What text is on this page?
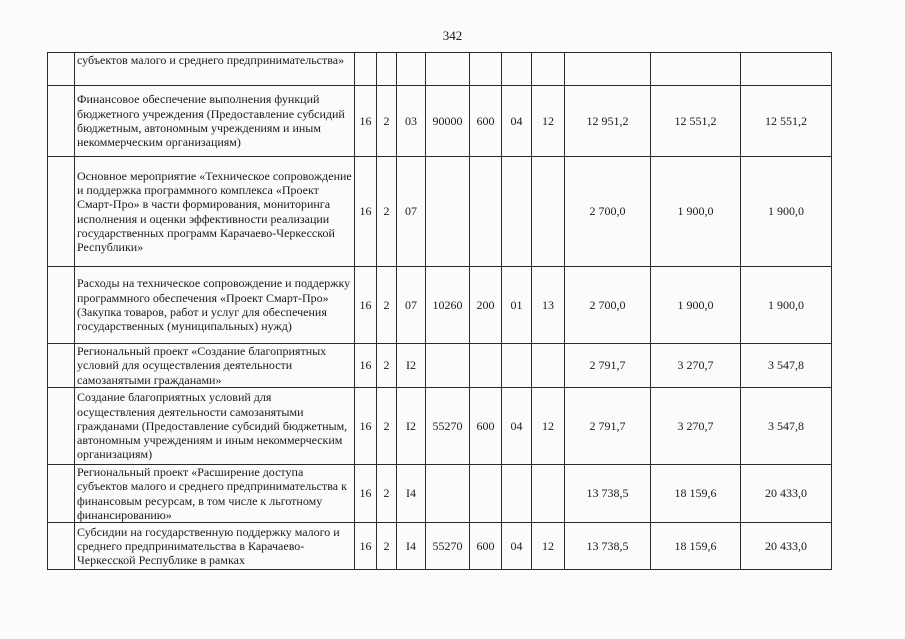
342
	субъектов малого и среднего предпринимательства»										
	Финансовое обеспечение выполнения функций бюджетного учреждения (Предоставление субсидий бюджетным, автономным учреждениям и иным некоммерческим организациям)	16	2	03	90000	600	04	12	12 951,2	12 551,2	12 551,2
	Основное мероприятие «Техническое сопровождение и поддержка программного комплекса «Проект Смарт-Про» в части формирования, мониторинга исполнения и оценки эффективности реализации государственных программ Карачаево-Черкесской Республики»	16	2	07					2 700,0	1 900,0	1 900,0
	Расходы на техническое сопровождение и поддержку программного обеспечения «Проект Смарт-Про» (Закупка товаров, работ и услуг для обеспечения государственных (муниципальных) нужд)	16	2	07	10260	200	01	13	2 700,0	1 900,0	1 900,0
	Региональный проект «Создание благоприятных условий для осуществления деятельности самозанятыми гражданами»	16	2	I2					2 791,7	3 270,7	3 547,8
	Создание благоприятных условий для осуществления деятельности самозанятыми гражданами (Предоставление субсидий бюджетным, автономным учреждениям и иным некоммерческим организациям)	16	2	I2	55270	600	04	12	2 791,7	3 270,7	3 547,8
	Региональный проект «Расширение доступа субъектов малого и среднего предпринимательства к финансовым ресурсам, в том числе к льготному финансированию»	16	2	I4					13 738,5	18 159,6	20 433,0
	Субсидии на государственную поддержку малого и среднего предпринимательства в Карачаево-Черкесской Республике в рамках	16	2	I4	55270	600	04	12	13 738,5	18 159,6	20 433,0
